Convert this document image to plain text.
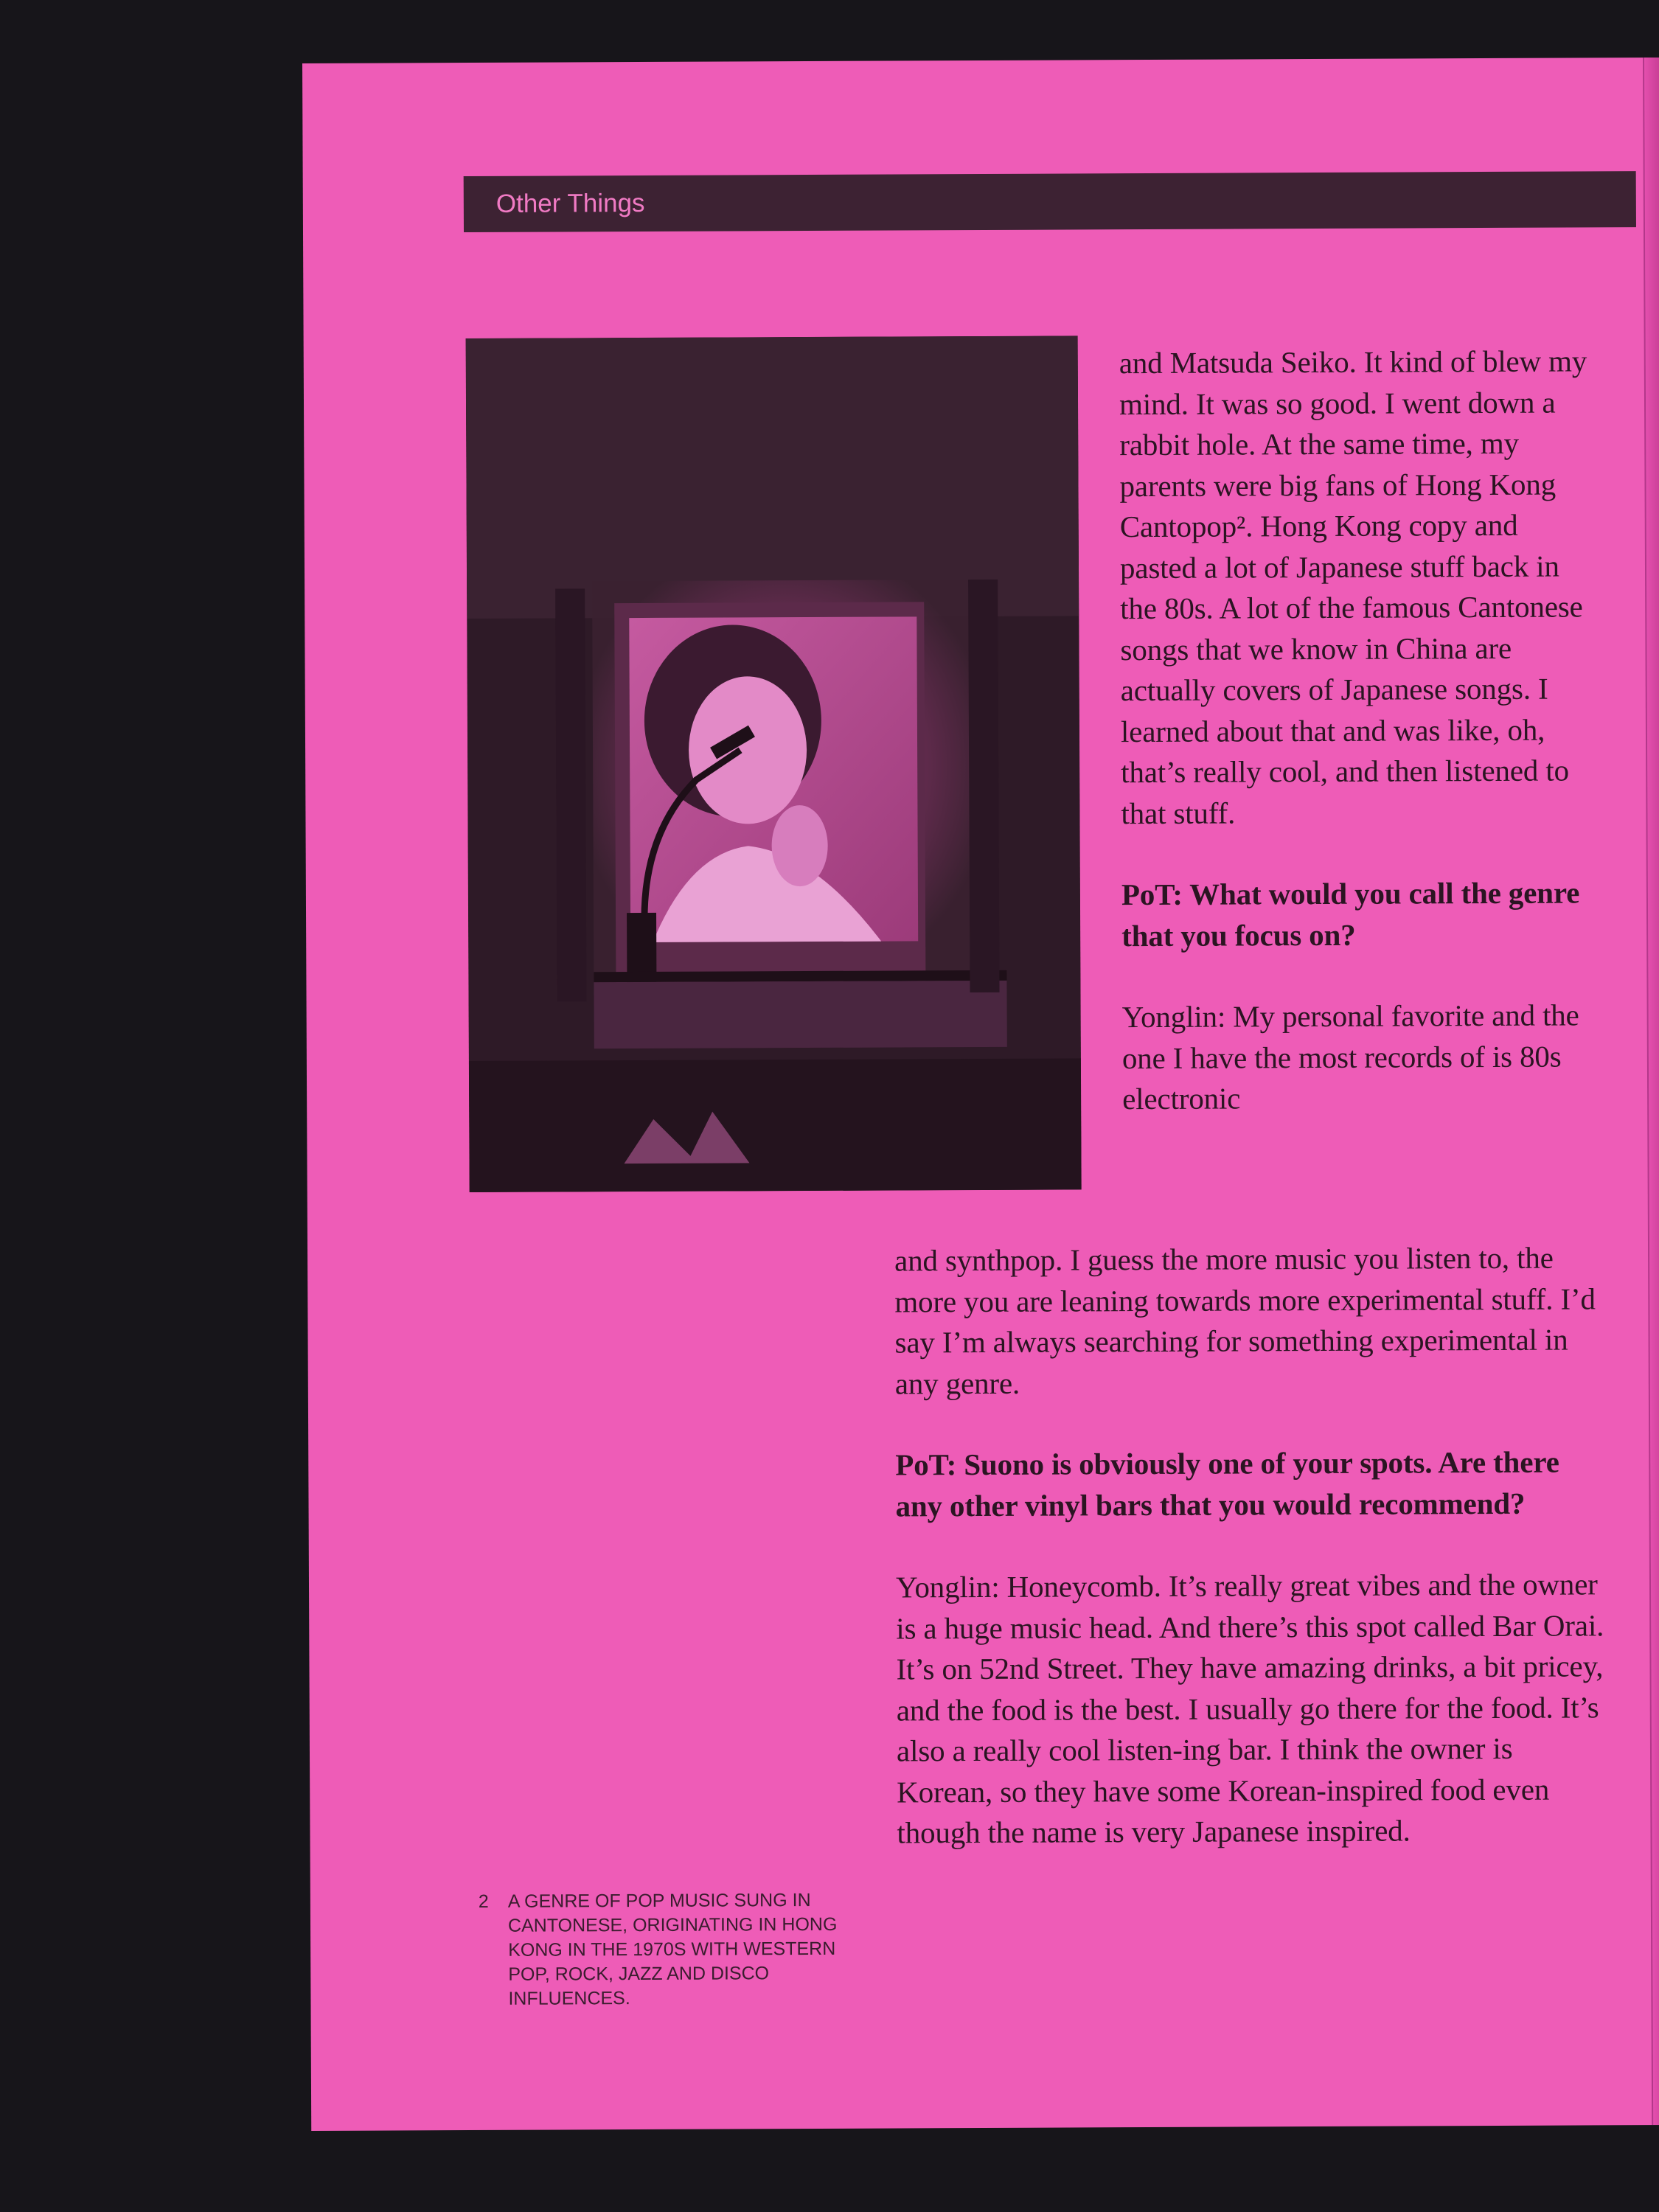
Other Things

and Matsuda Seiko. It kind of blew my mind. It was so good. I went down a rabbit hole. At the same time, my parents were big fans of Hong Kong Cantopop². Hong Kong copy and pasted a lot of Japanese stuff back in the 80s. A lot of the famous Cantonese songs that we know in China are actually covers of Japanese songs. I learned about that and was like, oh, that’s really cool, and then listened to that stuff.

PoT: What would you call the genre that you focus on?

Yonglin: My personal favorite and the one I have the most records of is 80s electronic

and synthpop. I guess the more music you listen to, the more you are leaning towards more experimental stuff. I’d say I’m always searching for something experimental in any genre.

PoT: Suono is obviously one of your spots. Are there any other vinyl bars that you would recommend?

Yonglin: Honeycomb. It’s really great vibes and the owner is a huge music head. And there’s this spot called Bar Orai. It’s on 52nd Street. They have amazing drinks, a bit pricey, and the food is the best. I usually go there for the food. It’s also a really cool listen-ing bar. I think the owner is Korean, so they have some Korean-inspired food even though the name is very Japanese inspired.

2	A GENRE OF POP MUSIC SUNG IN CANTONESE, ORIGINATING IN HONG KONG IN THE 1970S WITH WESTERN POP, ROCK, JAZZ AND DISCO INFLUENCES.
